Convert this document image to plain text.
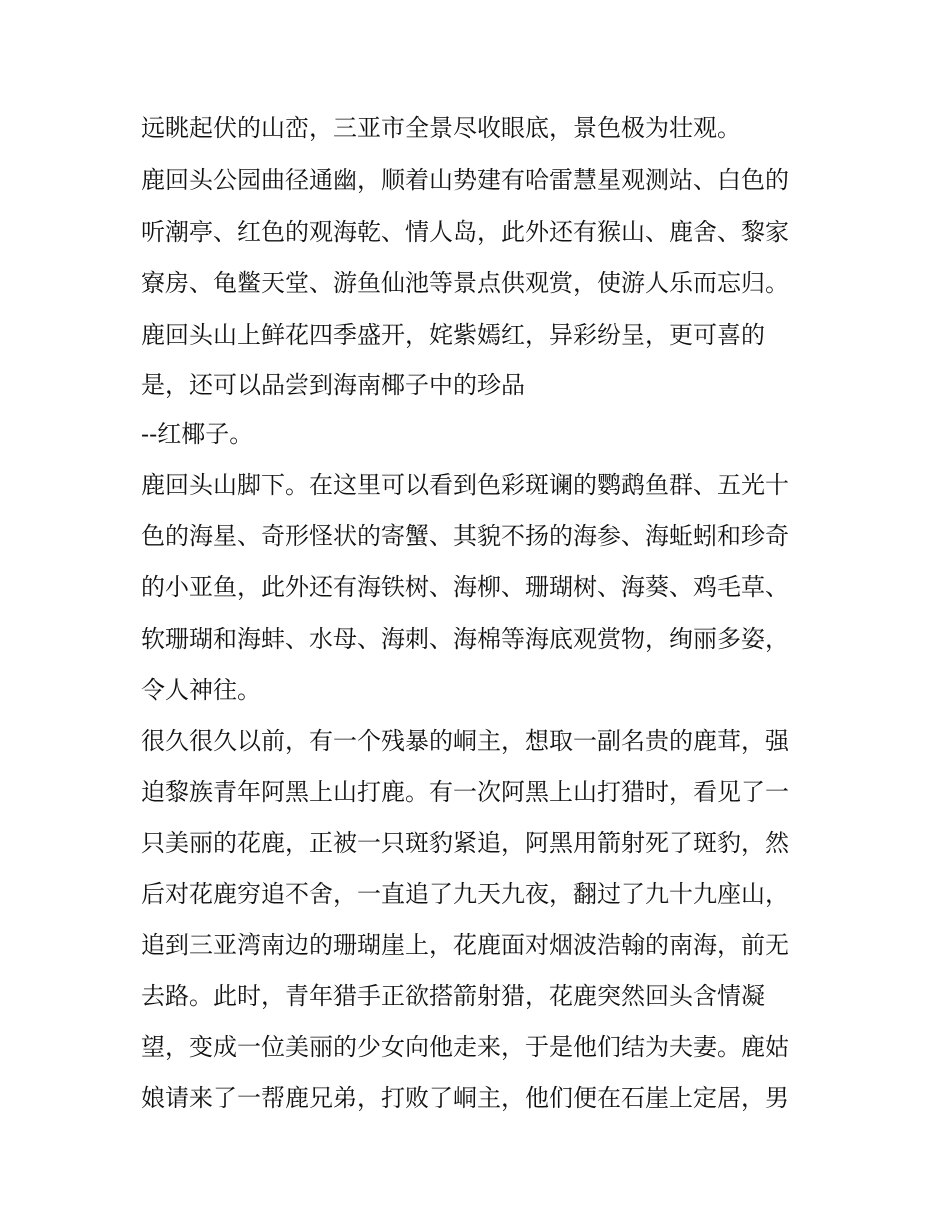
远眺起伏的山峦，三亚市全景尽收眼底，景色极为壮观。

鹿回头公园曲径通幽，顺着山势建有哈雷慧星观测站、白色的

听潮亭、红色的观海乾、情人岛，此外还有猴山、鹿舍、黎家

寮房、龟鳖天堂、游鱼仙池等景点供观赏，使游人乐而忘归。

鹿回头山上鲜花四季盛开，姹紫嫣红，异彩纷呈，更可喜的

是，还可以品尝到海南椰子中的珍品

--红椰子。

鹿回头山脚下。在这里可以看到色彩斑谰的鹦鹉鱼群、五光十

色的海星、奇形怪状的寄蟹、其貌不扬的海参、海蚯蚓和珍奇

的小亚鱼，此外还有海铁树、海柳、珊瑚树、海葵、鸡毛草、

软珊瑚和海蚌、水母、海刺、海棉等海底观赏物，绚丽多姿，

令人神往。

很久很久以前，有一个残暴的峒主，想取一副名贵的鹿茸，强

迫黎族青年阿黑上山打鹿。有一次阿黑上山打猎时，看见了一

只美丽的花鹿，正被一只斑豹紧追，阿黑用箭射死了斑豹，然

后对花鹿穷追不舍，一直追了九天九夜，翻过了九十九座山，

追到三亚湾南边的珊瑚崖上，花鹿面对烟波浩翰的南海，前无

去路。此时，青年猎手正欲搭箭射猎，花鹿突然回头含情凝

望，变成一位美丽的少女向他走来，于是他们结为夫妻。鹿姑

娘请来了一帮鹿兄弟，打败了峒主，他们便在石崖上定居，男
